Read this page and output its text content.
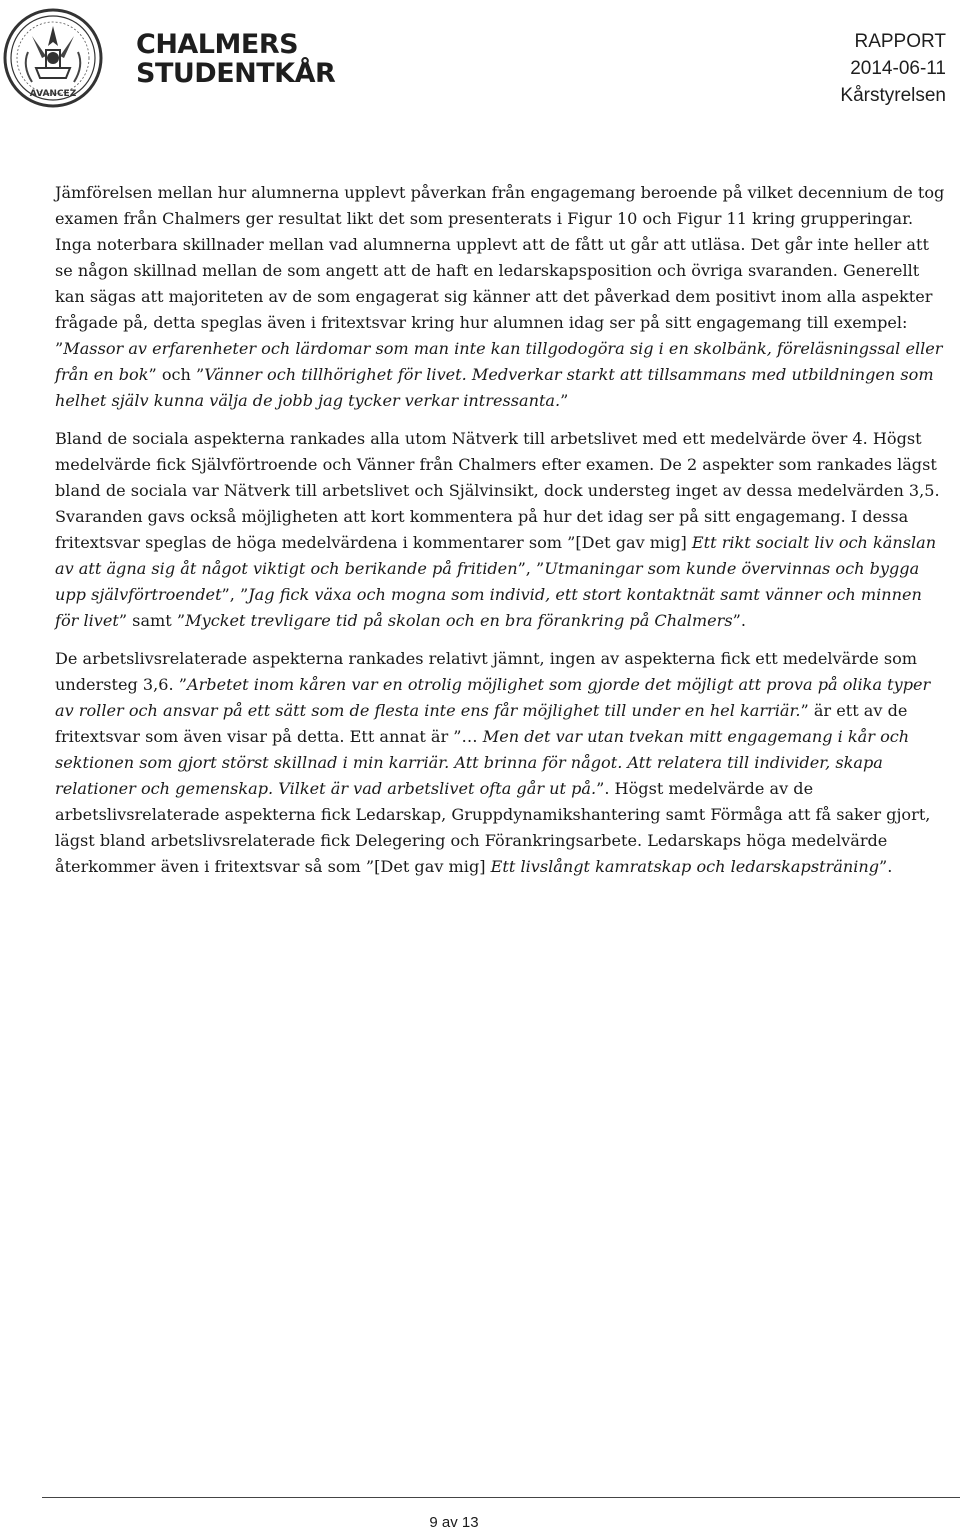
AVANCEZ
CHALMERS
STUDENTKÅR
RAPPORT
2014-06-11
Kårstyrelsen

Jämförelsen mellan hur alumnerna upplevt påverkan från engagemang beroende på vilket decennium de tog examen från Chalmers ger resultat likt det som presenterats i Figur 10 och Figur 11 kring grupperingar. Inga noterbara skillnader mellan vad alumnerna upplevt att de fått ut går att utläsa. Det går inte heller att se någon skillnad mellan de som angett att de haft en ledarskapsposition och övriga svaranden. Generellt kan sägas att majoriteten av de som engagerat sig känner att det påverkad dem positivt inom alla aspekter frågade på, detta speglas även i fritextsvar kring hur alumnen idag ser på sitt engagemang till exempel: ”Massor av erfarenheter och lärdomar som man inte kan tillgodogöra sig i en skolbänk, föreläsningssal eller från en bok” och ”Vänner och tillhörighet för livet. Medverkar starkt att tillsammans med utbildningen som helhet själv kunna välja de jobb jag tycker verkar intressanta.”

Bland de sociala aspekterna rankades alla utom Nätverk till arbetslivet med ett medelvärde över 4. Högst medelvärde fick Självförtroende och Vänner från Chalmers efter examen. De 2 aspekter som rankades lägst bland de sociala var Nätverk till arbetslivet och Självinsikt, dock understeg inget av dessa medelvärden 3,5. Svaranden gavs också möjligheten att kort kommentera på hur det idag ser på sitt engagemang. I dessa fritextsvar speglas de höga medelvärdena i kommentarer som ”[Det gav mig] Ett rikt socialt liv och känslan av att ägna sig åt något viktigt och berikande på fritiden”, ”Utmaningar som kunde övervinnas och bygga upp självförtroendet”, ”Jag fick växa och mogna som individ, ett stort kontaktnät samt vänner och minnen för livet” samt ”Mycket trevligare tid på skolan och en bra förankring på Chalmers”.

De arbetslivsrelaterade aspekterna rankades relativt jämnt, ingen av aspekterna fick ett medelvärde som understeg 3,6. ”Arbetet inom kåren var en otrolig möjlighet som gjorde det möjligt att prova på olika typer av roller och ansvar på ett sätt som de flesta inte ens får möjlighet till under en hel karriär.” är ett av de fritextsvar som även visar på detta. Ett annat är ”… Men det var utan tvekan mitt engagemang i kår och sektionen som gjort störst skillnad i min karriär. Att brinna för något. Att relatera till individer, skapa relationer och gemenskap. Vilket är vad arbetslivet ofta går ut på.”. Högst medelvärde av de arbetslivsrelaterade aspekterna fick Ledarskap, Gruppdynamikshantering samt Förmåga att få saker gjort, lägst bland arbetslivsrelaterade fick Delegering och Förankringsarbete. Ledarskaps höga medelvärde återkommer även i fritextsvar så som ”[Det gav mig] Ett livslångt kamratskap och ledarskapsträning”.

9 av 13
